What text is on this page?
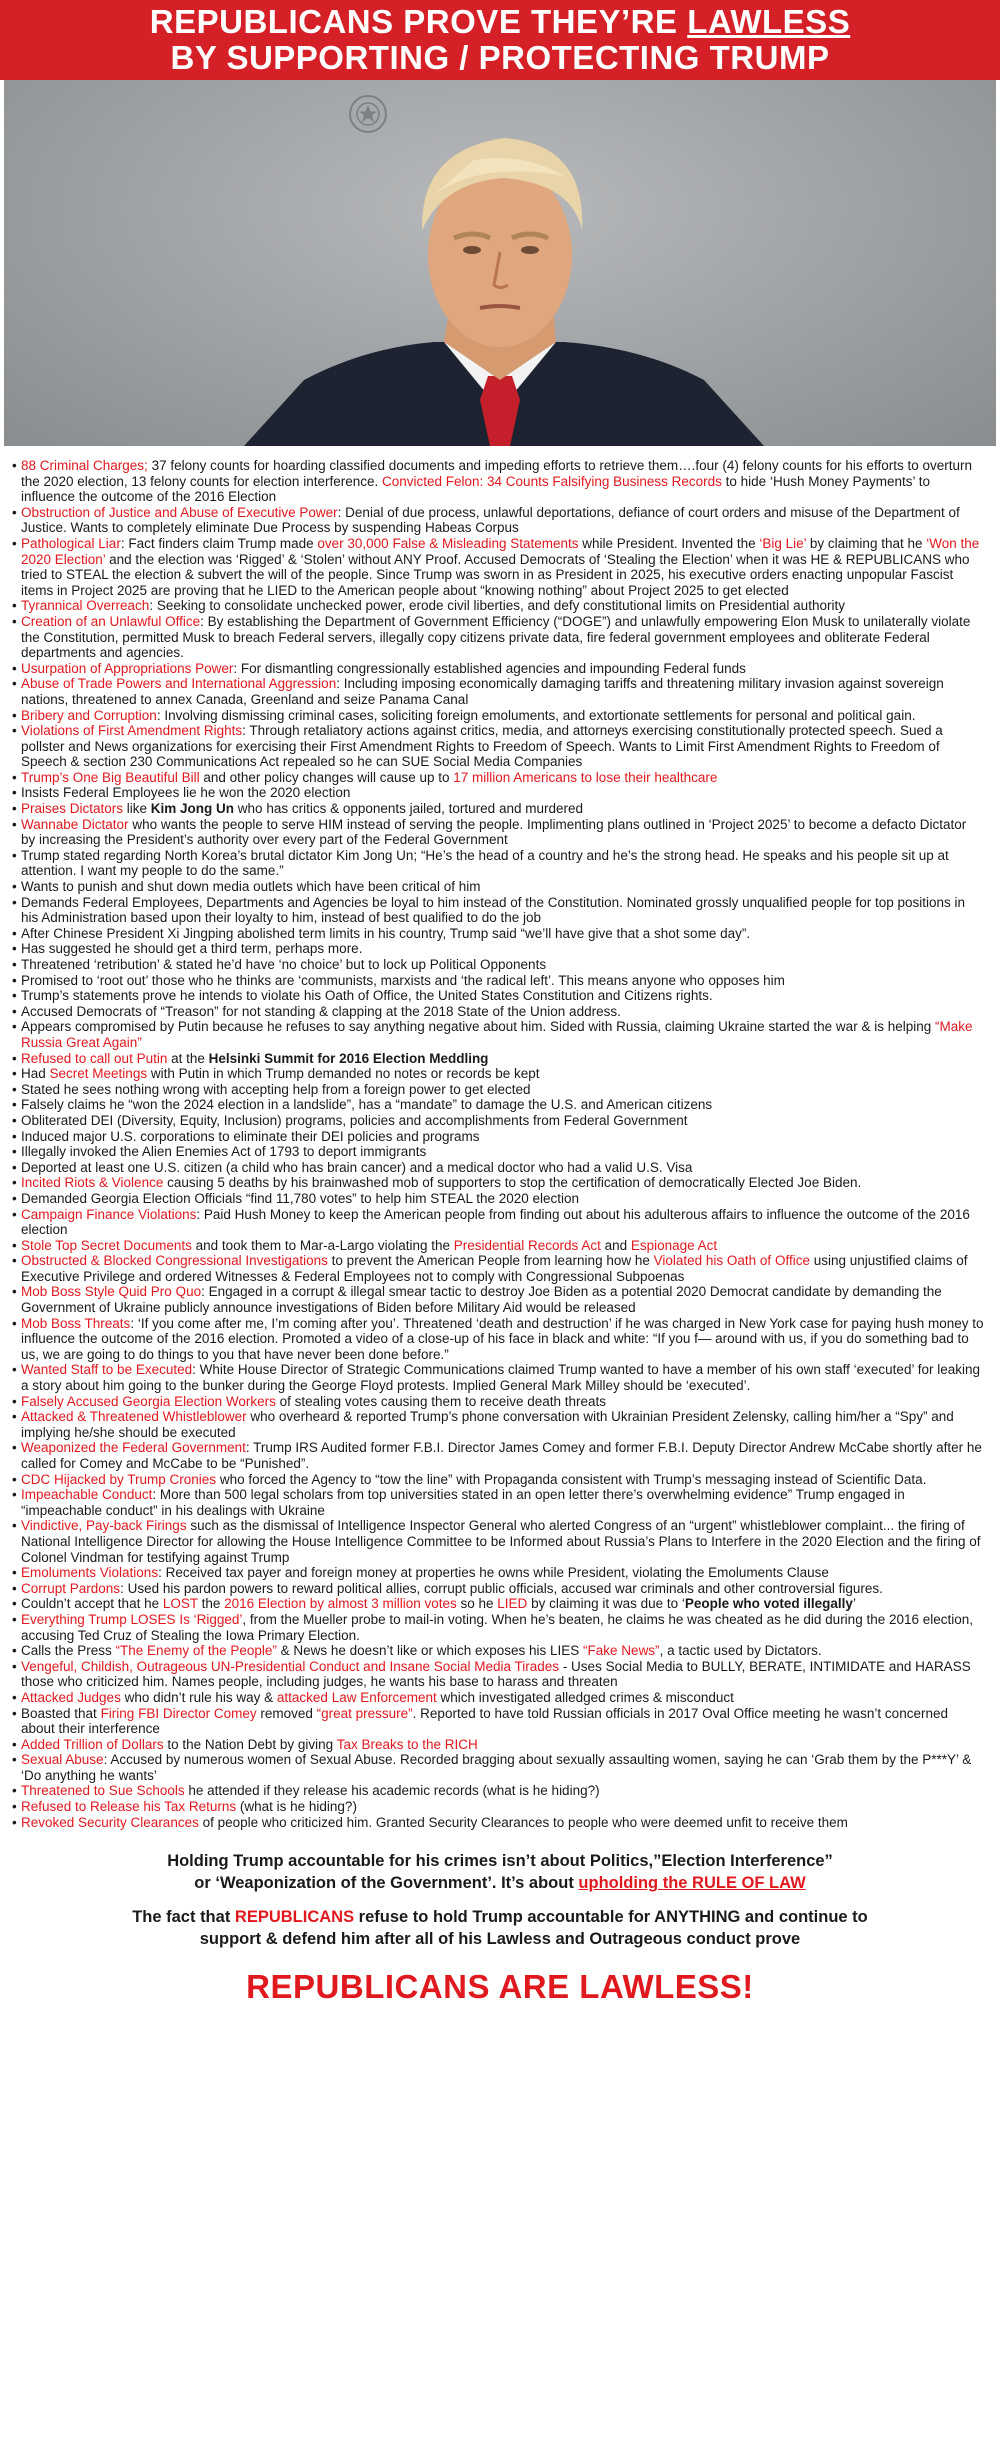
REPUBLICANS PROVE THEY’RE LAWLESS
BY SUPPORTING / PROTECTING TRUMP
• 88 Criminal Charges; 37 felony counts for hoarding classified documents and impeding efforts to retrieve them….four (4) felony counts for his efforts to overturn the 2020 election, 13 felony counts for election interference. Convicted Felon: 34 Counts Falsifying Business Records to hide ‘Hush Money Payments’ to influence the outcome of the 2016 Election
• Obstruction of Justice and Abuse of Executive Power: Denial of due process, unlawful deportations, defiance of court orders and misuse of the Department of Justice. Wants to completely eliminate Due Process by suspending Habeas Corpus
• Pathological Liar: Fact finders claim Trump made over 30,000 False & Misleading Statements while President. Invented the ‘Big Lie’ by claiming that he ‘Won the 2020 Election’ and the election was ‘Rigged’ & ‘Stolen’ without ANY Proof. Accused Democrats of ‘Stealing the Election’ when it was HE & REPUBLICANS who tried to STEAL the election & subvert the will of the people. Since Trump was sworn in as President in 2025, his executive orders enacting unpopular Fascist items in Project 2025 are proving that he LIED to the American people about “knowing nothing” about Project 2025 to get elected
• Tyrannical Overreach: Seeking to consolidate unchecked power, erode civil liberties, and defy constitutional limits on Presidential authority
• Creation of an Unlawful Office: By establishing the Department of Government Efficiency (“DOGE”) and unlawfully empowering Elon Musk to unilaterally violate the Constitution, permitted Musk to breach Federal servers, illegally copy citizens private data, fire federal government employees and obliterate Federal departments and agencies.
• Usurpation of Appropriations Power: For dismantling congressionally established agencies and impounding Federal funds
• Abuse of Trade Powers and International Aggression: Including imposing economically damaging tariffs and threatening military invasion against sovereign nations, threatened to annex Canada, Greenland and seize Panama Canal
• Bribery and Corruption: Involving dismissing criminal cases, soliciting foreign emoluments, and extortionate settlements for personal and political gain.
• Violations of First Amendment Rights: Through retaliatory actions against critics, media, and attorneys exercising constitutionally protected speech. Sued a pollster and News organizations for exercising their First Amendment Rights to Freedom of Speech. Wants to Limit First Amendment Rights to Freedom of Speech & section 230 Communications Act repealed so he can SUE Social Media Companies
• Trump’s One Big Beautiful Bill and other policy changes will cause up to 17 million Americans to lose their healthcare
• Insists Federal Employees lie he won the 2020 election
• Praises Dictators like Kim Jong Un who has critics & opponents jailed, tortured and murdered
• Wannabe Dictator who wants the people to serve HIM instead of serving the people. Implimenting plans outlined in ‘Project 2025’ to become a defacto Dictator by increasing the President’s authority over every part of the Federal Government
• Trump stated regarding North Korea’s brutal dictator Kim Jong Un; “He’s the head of a country and he’s the strong head. He speaks and his people sit up at attention. I want my people to do the same.”
• Wants to punish and shut down media outlets which have been critical of him
• Demands Federal Employees, Departments and Agencies be loyal to him instead of the Constitution. Nominated grossly unqualified people for top positions in his Administration based upon their loyalty to him, instead of best qualified to do the job
• After Chinese President Xi Jingping abolished term limits in his country, Trump said “we’ll have give that a shot some day”.
• Has suggested he should get a third term, perhaps more.
• Threatened ‘retribution’ & stated he’d have ‘no choice’ but to lock up Political Opponents
• Promised to ‘root out’ those who he thinks are ‘communists, marxists and ‘the radical left’. This means anyone who opposes him
• Trump’s statements prove he intends to violate his Oath of Office, the United States Constitution and Citizens rights.
• Accused Democrats of “Treason” for not standing & clapping at the 2018 State of the Union address.
• Appears compromised by Putin because he refuses to say anything negative about him. Sided with Russia, claiming Ukraine started the war & is helping “Make Russia Great Again”
• Refused to call out Putin at the Helsinki Summit for 2016 Election Meddling
• Had Secret Meetings with Putin in which Trump demanded no notes or records be kept
• Stated he sees nothing wrong with accepting help from a foreign power to get elected
• Falsely claims he “won the 2024 election in a landslide”, has a “mandate” to damage the U.S. and American citizens
• Obliterated DEI (Diversity, Equity, Inclusion) programs, policies and accomplishments from Federal Government
• Induced major U.S. corporations to eliminate their DEI policies and programs
• Illegally invoked the Alien Enemies Act of 1793 to deport immigrants
• Deported at least one U.S. citizen (a child who has brain cancer) and a medical doctor who had a valid U.S. Visa
• Incited Riots & Violence causing 5 deaths by his brainwashed mob of supporters to stop the certification of democratically Elected Joe Biden.
• Demanded Georgia Election Officials “find 11,780 votes” to help him STEAL the 2020 election
• Campaign Finance Violations: Paid Hush Money to keep the American people from finding out about his adulterous affairs to influence the outcome of the 2016 election
• Stole Top Secret Documents and took them to Mar-a-Largo violating the Presidential Records Act and Espionage Act
• Obstructed & Blocked Congressional Investigations to prevent the American People from learning how he Violated his Oath of Office using unjustified claims of Executive Privilege and ordered Witnesses & Federal Employees not to comply with Congressional Subpoenas
• Mob Boss Style Quid Pro Quo: Engaged in a corrupt & illegal smear tactic to destroy Joe Biden as a potential 2020 Democrat candidate by demanding the Government of Ukraine publicly announce investigations of Biden before Military Aid would be released
• Mob Boss Threats: ‘If you come after me, I’m coming after you’. Threatened ‘death and destruction’ if he was charged in New York case for paying hush money to influence the outcome of the 2016 election. Promoted a video of a close-up of his face in black and white: “If you f— around with us, if you do something bad to us, we are going to do things to you that have never been done before.”
• Wanted Staff to be Executed: White House Director of Strategic Communications claimed Trump wanted to have a member of his own staff ‘executed’ for leaking a story about him going to the bunker during the George Floyd protests. Implied General Mark Milley should be ‘executed’.
• Falsely Accused Georgia Election Workers of stealing votes causing them to receive death threats
• Attacked & Threatened Whistleblower who overheard & reported Trump’s phone conversation with Ukrainian President Zelensky, calling him/her a “Spy” and implying he/she should be executed
• Weaponized the Federal Government: Trump IRS Audited former F.B.I. Director James Comey and former F.B.I. Deputy Director Andrew McCabe shortly after he called for Comey and McCabe to be “Punished”.
• CDC Hijacked by Trump Cronies who forced the Agency to “tow the line” with Propaganda consistent with Trump’s messaging instead of Scientific Data.
• Impeachable Conduct: More than 500 legal scholars from top universities stated in an open letter there’s overwhelming evidence” Trump engaged in “impeachable conduct” in his dealings with Ukraine
• Vindictive, Pay-back Firings such as the dismissal of Intelligence Inspector General who alerted Congress of an “urgent” whistleblower complaint... the firing of National Intelligence Director for allowing the House Intelligence Committee to be Informed about Russia’s Plans to Interfere in the 2020 Election and the firing of Colonel Vindman for testifying against Trump
• Emoluments Violations: Received tax payer and foreign money at properties he owns while President, violating the Emoluments Clause
• Corrupt Pardons: Used his pardon powers to reward political allies, corrupt public officials, accused war criminals and other controversial figures.
• Couldn’t accept that he LOST the 2016 Election by almost 3 million votes so he LIED by claiming it was due to ‘People who voted illegally’
• Everything Trump LOSES Is ‘Rigged’, from the Mueller probe to mail-in voting. When he’s beaten, he claims he was cheated as he did during the 2016 election, accusing Ted Cruz of Stealing the Iowa Primary Election.
• Calls the Press “The Enemy of the People” & News he doesn’t like or which exposes his LIES “Fake News”, a tactic used by Dictators.
• Vengeful, Childish, Outrageous UN-Presidential Conduct and Insane Social Media Tirades - Uses Social Media to BULLY, BERATE, INTIMIDATE and HARASS those who criticized him. Names people, including judges, he wants his base to harass and threaten
• Attacked Judges who didn’t rule his way & attacked Law Enforcement which investigated alledged crimes & misconduct
• Boasted that Firing FBI Director Comey removed “great pressure”. Reported to have told Russian officials in 2017 Oval Office meeting he wasn’t concerned about their interference
• Added Trillion of Dollars to the Nation Debt by giving Tax Breaks to the RICH
• Sexual Abuse: Accused by numerous women of Sexual Abuse. Recorded bragging about sexually assaulting women, saying he can ‘Grab them by the P***Y’ & ‘Do anything he wants’
• Threatened to Sue Schools he attended if they release his academic records (what is he hiding?)
• Refused to Release his Tax Returns (what is he hiding?)
• Revoked Security Clearances of people who criticized him. Granted Security Clearances to people who were deemed unfit to receive them

Holding Trump accountable for his crimes isn’t about Politics,”Election Interference”
or ‘Weaponization of the Government’. It’s about upholding the RULE OF LAW

The fact that REPUBLICANS refuse to hold Trump accountable for ANYTHING and continue to
support & defend him after all of his Lawless and Outrageous conduct prove

REPUBLICANS ARE LAWLESS!
